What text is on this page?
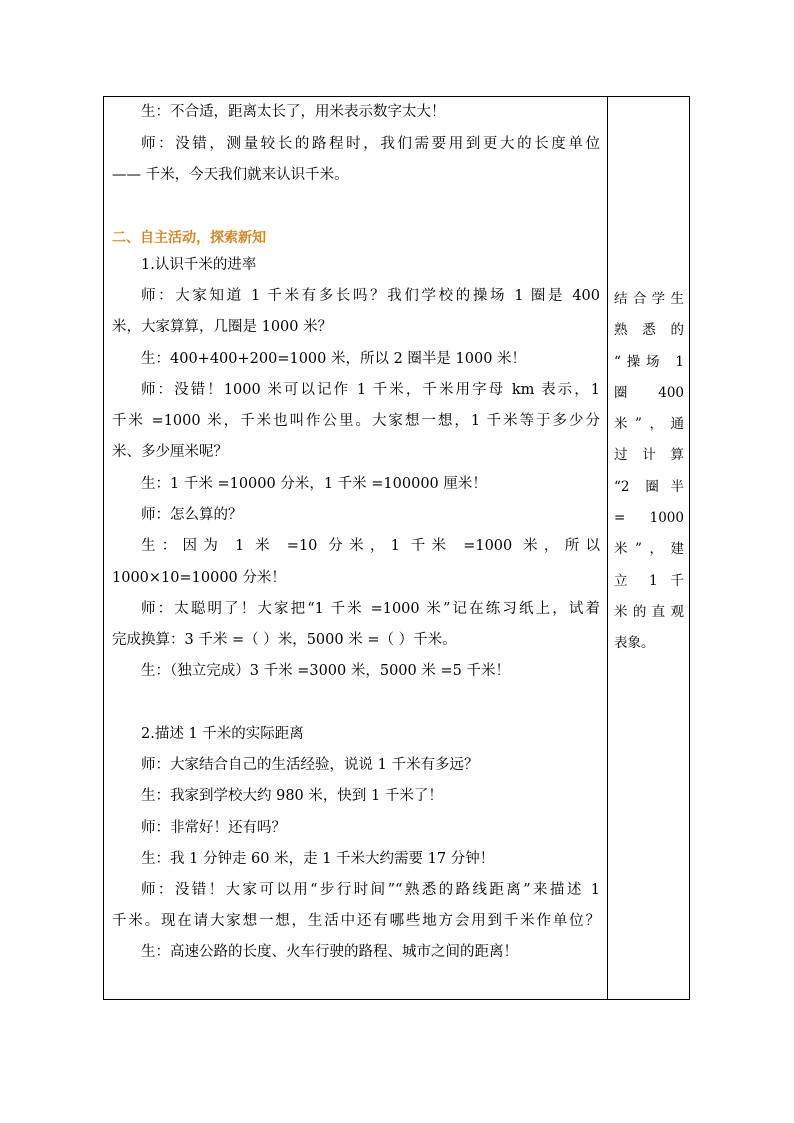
生：不合适，距离太长了，用米表示数字太大！
师：没错，测量较长的路程时，我们需要用到更大的长度单位
—— 千米，今天我们就来认识千米。
二、自主活动，探索新知
1.认识千米的进率
师：大家知道 1 千米有多长吗？我们学校的操场 1 圈是 400
米，大家算算，几圈是 1000 米？
生：400+400+200=1000 米，所以 2 圈半是 1000 米！
师：没错！1000 米可以记作 1 千米，千米用字母 km 表示，1
千米 =1000 米，千米也叫作公里。大家想一想，1 千米等于多少分
米、多少厘米呢？
生：1 千米 =10000 分米，1 千米 =100000 厘米！
师：怎么算的？
生：因为 1 米 =10 分米，1 千米 =1000 米，所以
1000×10=10000 分米！
师：太聪明了！大家把“1 千米 =1000 米”记在练习纸上，试着
完成换算：3 千米 =（ ）米，5000 米 =（ ）千米。
生：（独立完成）3 千米 =3000 米，5000 米 =5 千米！
2.描述 1 千米的实际距离
师：大家结合自己的生活经验，说说 1 千米有多远？
生：我家到学校大约 980 米，快到 1 千米了！
师：非常好！还有吗？
生：我 1 分钟走 60 米，走 1 千米大约需要 17 分钟！
师：没错！大家可以用“步行时间”“熟悉的路线距离”来描述 1
千米。现在请大家想一想，生活中还有哪些地方会用到千米作单位？
生：高速公路的长度、火车行驶的路程、城市之间的距离！
结合学生
熟悉的
“操场 1
圈 400
米”，通
过计算
“2 圈半
= 1000
米”，建
立 1 千
米的直观
表象。
